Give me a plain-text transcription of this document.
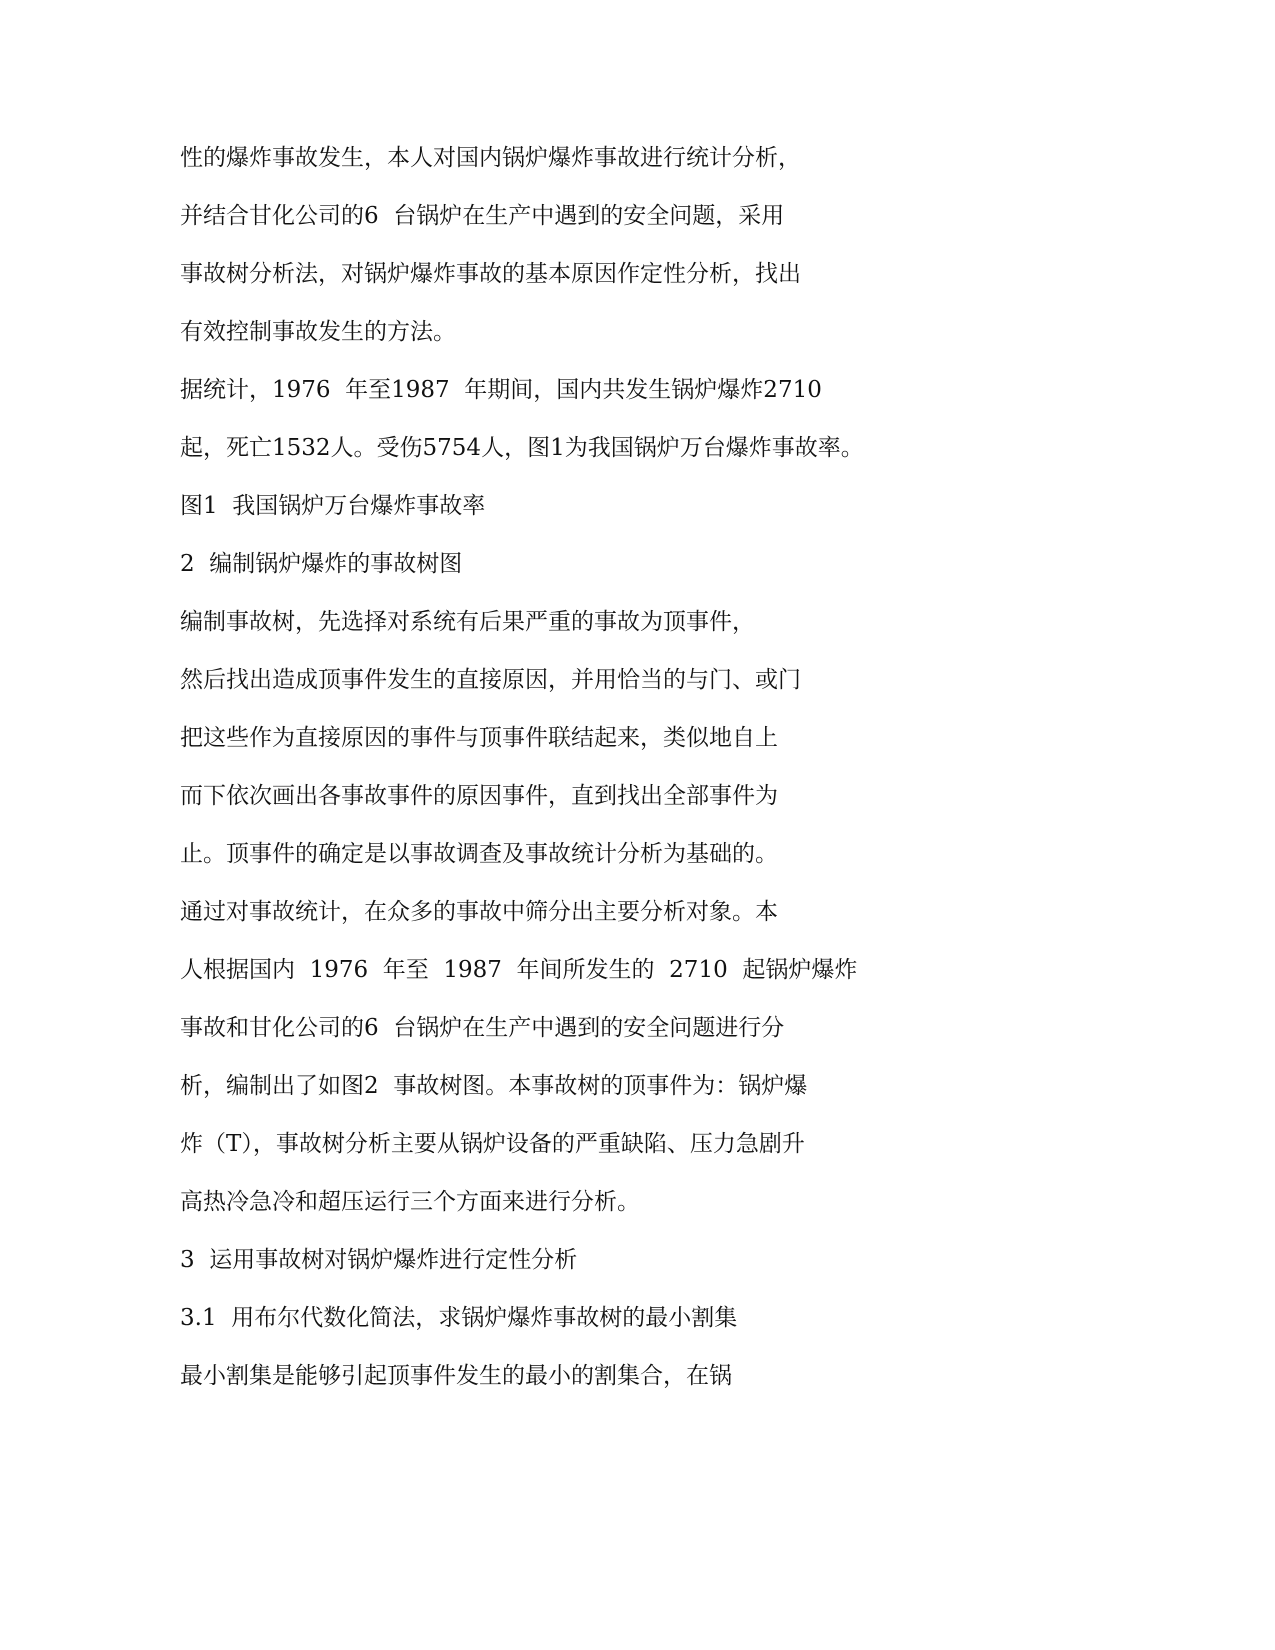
性的爆炸事故发生，本人对国内锅炉爆炸事故进行统计分析，

并结合甘化公司的6  台锅炉在生产中遇到的安全问题，采用

事故树分析法，对锅炉爆炸事故的基本原因作定性分析，找出

有效控制事故发生的方法。

据统计，1976  年至1987  年期间，国内共发生锅炉爆炸2710

起，死亡1532人。受伤5754人，图1为我国锅炉万台爆炸事故率。

图1  我国锅炉万台爆炸事故率

2  编制锅炉爆炸的事故树图

编制事故树，先选择对系统有后果严重的事故为顶事件，

然后找出造成顶事件发生的直接原因，并用恰当的与门、或门

把这些作为直接原因的事件与顶事件联结起来，类似地自上

而下依次画出各事故事件的原因事件，直到找出全部事件为

止。顶事件的确定是以事故调查及事故统计分析为基础的。

通过对事故统计，在众多的事故中筛分出主要分析对象。本

人根据国内  1976  年至  1987  年间所发生的  2710  起锅炉爆炸

事故和甘化公司的6  台锅炉在生产中遇到的安全问题进行分

析，编制出了如图2  事故树图。本事故树的顶事件为：锅炉爆

炸（T），事故树分析主要从锅炉设备的严重缺陷、压力急剧升

高热冷急冷和超压运行三个方面来进行分析。

3  运用事故树对锅炉爆炸进行定性分析

3.1  用布尔代数化简法，求锅炉爆炸事故树的最小割集

最小割集是能够引起顶事件发生的最小的割集合，在锅
